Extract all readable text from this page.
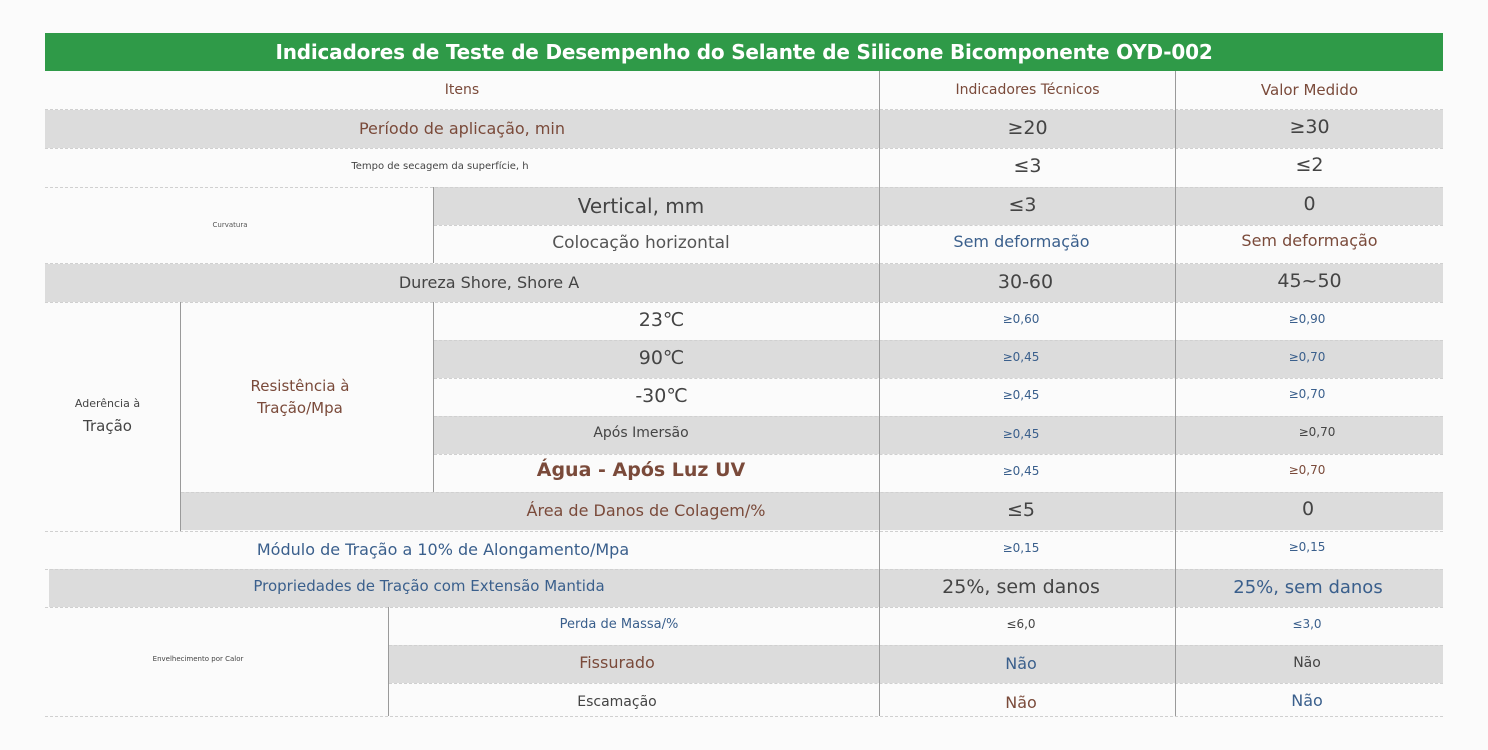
Indicadores de Teste de Desempenho do Selante de Silicone Bicomponente OYD-002
Itens	Indicadores Técnicos	Valor Medido
Período de aplicação, min	≥20	≥30
Tempo de secagem da superfície, h	≤3	≤2
Curvatura
Vertical, mm	≤3	0
Colocação horizontal	Sem deformação	Sem deformação
Dureza Shore, Shore A	30-60	45~50
Aderência à
Tração
Resistência à
Tração/Mpa
23℃	≥0,60	≥0,90
90℃	≥0,45	≥0,70
-30℃	≥0,45	≥0,70
Após Imersão	≥0,45	≥0,70
Água - Após Luz UV	≥0,45	≥0,70
Área de Danos de Colagem/%	≤5	0
Módulo de Tração a 10% de Alongamento/Mpa	≥0,15	≥0,15
Propriedades de Tração com Extensão Mantida	25%, sem danos	25%, sem danos
Envelhecimento por Calor
Perda de Massa/%	≤6,0	≤3,0
Fissurado	Não	Não
Escamação	Não	Não
